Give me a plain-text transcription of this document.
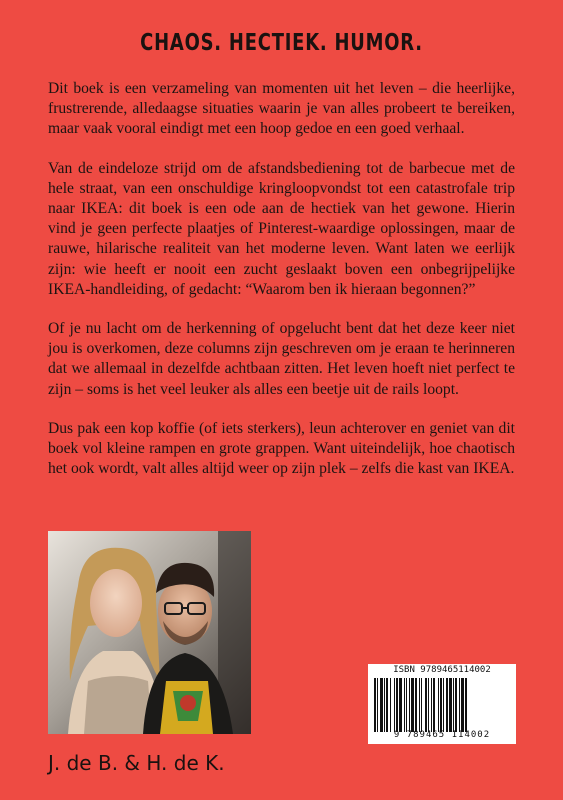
CHAOS. HECTIEK. HUMOR.

Dit boek is een verzameling van momenten uit het leven – die heerlijke, frustrerende, alledaagse situaties waarin je van alles probeert te bereiken, maar vaak vooral eindigt met een hoop gedoe en een goed verhaal.

Van de eindeloze strijd om de afstandsbediening tot de barbecue met de hele straat, van een onschuldige kringloopvondst tot een catastrofale trip naar IKEA: dit boek is een ode aan de hectiek van het gewone. Hierin vind je geen perfecte plaatjes of Pinterest-waardige oplossingen, maar de rauwe, hilarische realiteit van het moderne leven. Want laten we eerlijk zijn: wie heeft er nooit een zucht geslaakt boven een onbegrijpelijke IKEA-handleiding, of gedacht: “Waarom ben ik hieraan begonnen?”

Of je nu lacht om de herkenning of opgelucht bent dat het deze keer niet jou is overkomen, deze columns zijn geschreven om je eraan te herinneren dat we allemaal in dezelfde achtbaan zitten. Het leven hoeft niet perfect te zijn – soms is het veel leuker als alles een beetje uit de rails loopt.

Dus pak een kop koffie (of iets sterkers), leun achterover en geniet van dit boek vol kleine rampen en grote grappen. Want uiteindelijk, hoe chaotisch het ook wordt, valt alles altijd weer op zijn plek – zelfs die kast van IKEA.

J. de B. & H. de K.
ISBN 9789465114002
9 789465 114002
